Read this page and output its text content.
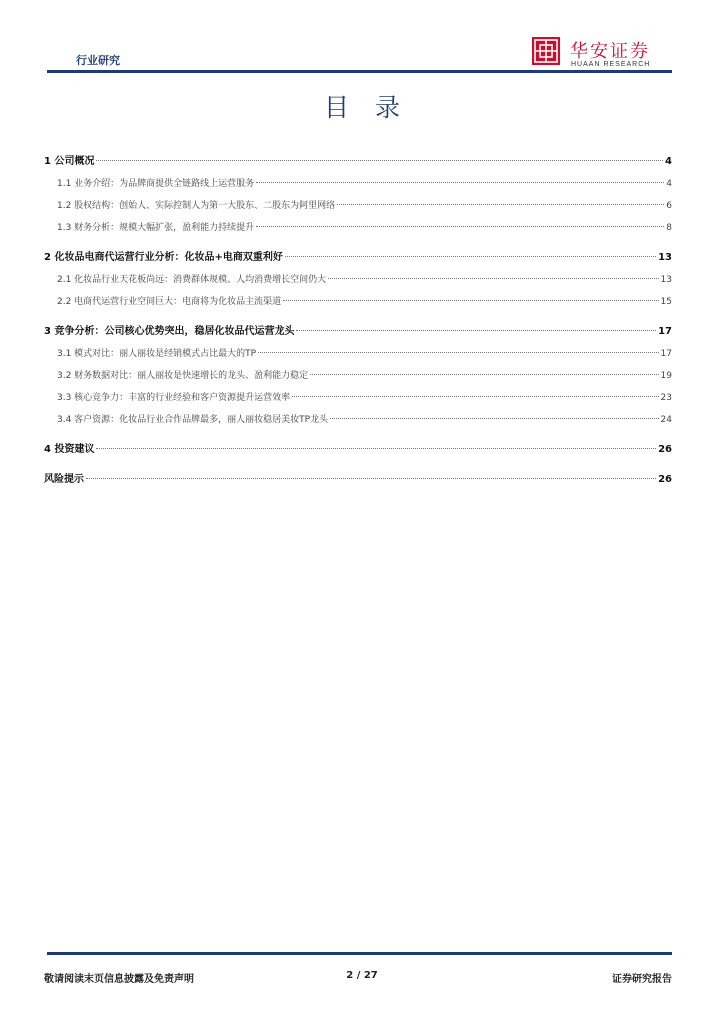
行业研究	华安证券
HUAAN RESEARCH
目录
1 公司概况	4
1.1 业务介绍：为品牌商提供全链路线上运营服务	4
1.2 股权结构：创始人、实际控制人为第一大股东、二股东为阿里网络	6
1.3 财务分析：规模大幅扩张，盈利能力持续提升	8
2 化妆品电商代运营行业分析：化妆品+电商双重利好	13
2.1 化妆品行业天花板尚远：消费群体规模、人均消费增长空间仍大	13
2.2 电商代运营行业空间巨大：电商将为化妆品主流渠道	15
3 竞争分析：公司核心优势突出，稳居化妆品代运营龙头	17
3.1 模式对比：丽人丽妆是经销模式占比最大的TP	17
3.2 财务数据对比：丽人丽妆是快速增长的龙头、盈利能力稳定	19
3.3 核心竞争力：丰富的行业经验和客户资源提升运营效率	23
3.4 客户资源：化妆品行业合作品牌最多，丽人丽妆稳居美妆TP龙头	24
4 投资建议	26
风险提示	26
敬请阅读末页信息披露及免责声明	2 / 27	证券研究报告
